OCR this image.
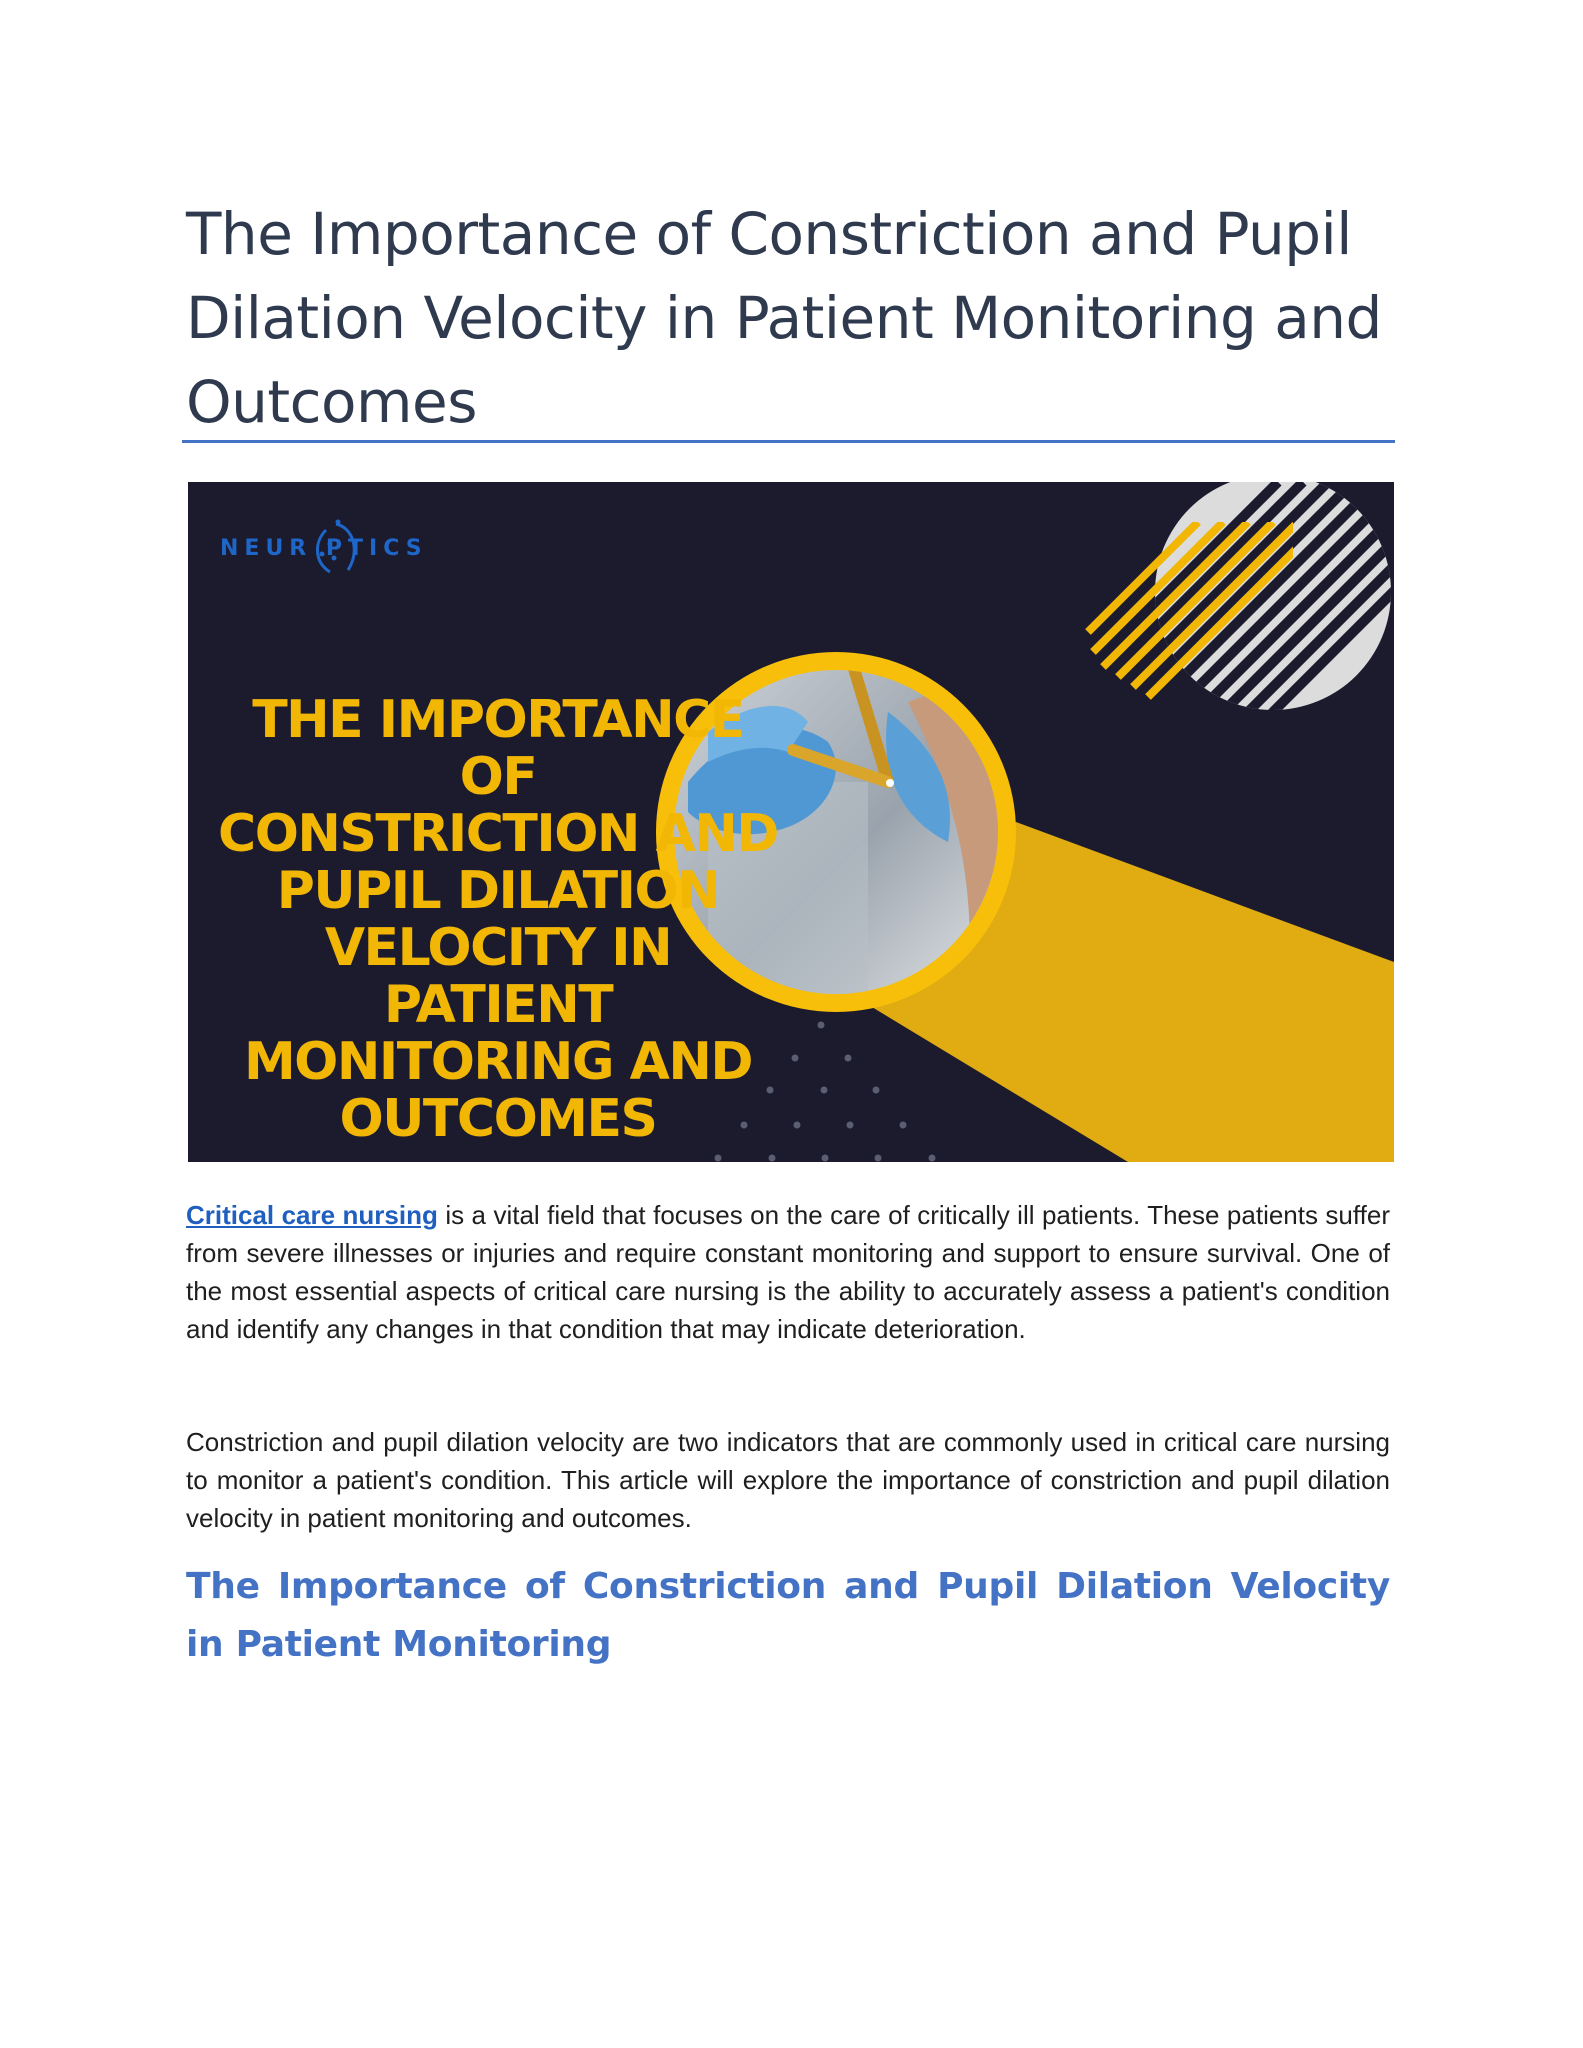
The Importance of Constriction and Pupil Dilation Velocity in Patient Monitoring and Outcomes
NEUR PTICS
THE IMPORTANCE OF
CONSTRICTION AND
PUPIL DILATION
VELOCITY IN PATIENT
MONITORING AND
OUTCOMES

Critical care nursing is a vital field that focuses on the care of critically ill patients. These patients suffer from severe illnesses or injuries and require constant monitoring and support to ensure survival. One of the most essential aspects of critical care nursing is the ability to accurately assess a patient's condition and identify any changes in that condition that may indicate deterioration.

Constriction and pupil dilation velocity are two indicators that are commonly used in critical care nursing to monitor a patient's condition. This article will explore the importance of constriction and pupil dilation velocity in patient monitoring and outcomes.

The Importance of Constriction and Pupil Dilation Velocity in Patient Monitoring
